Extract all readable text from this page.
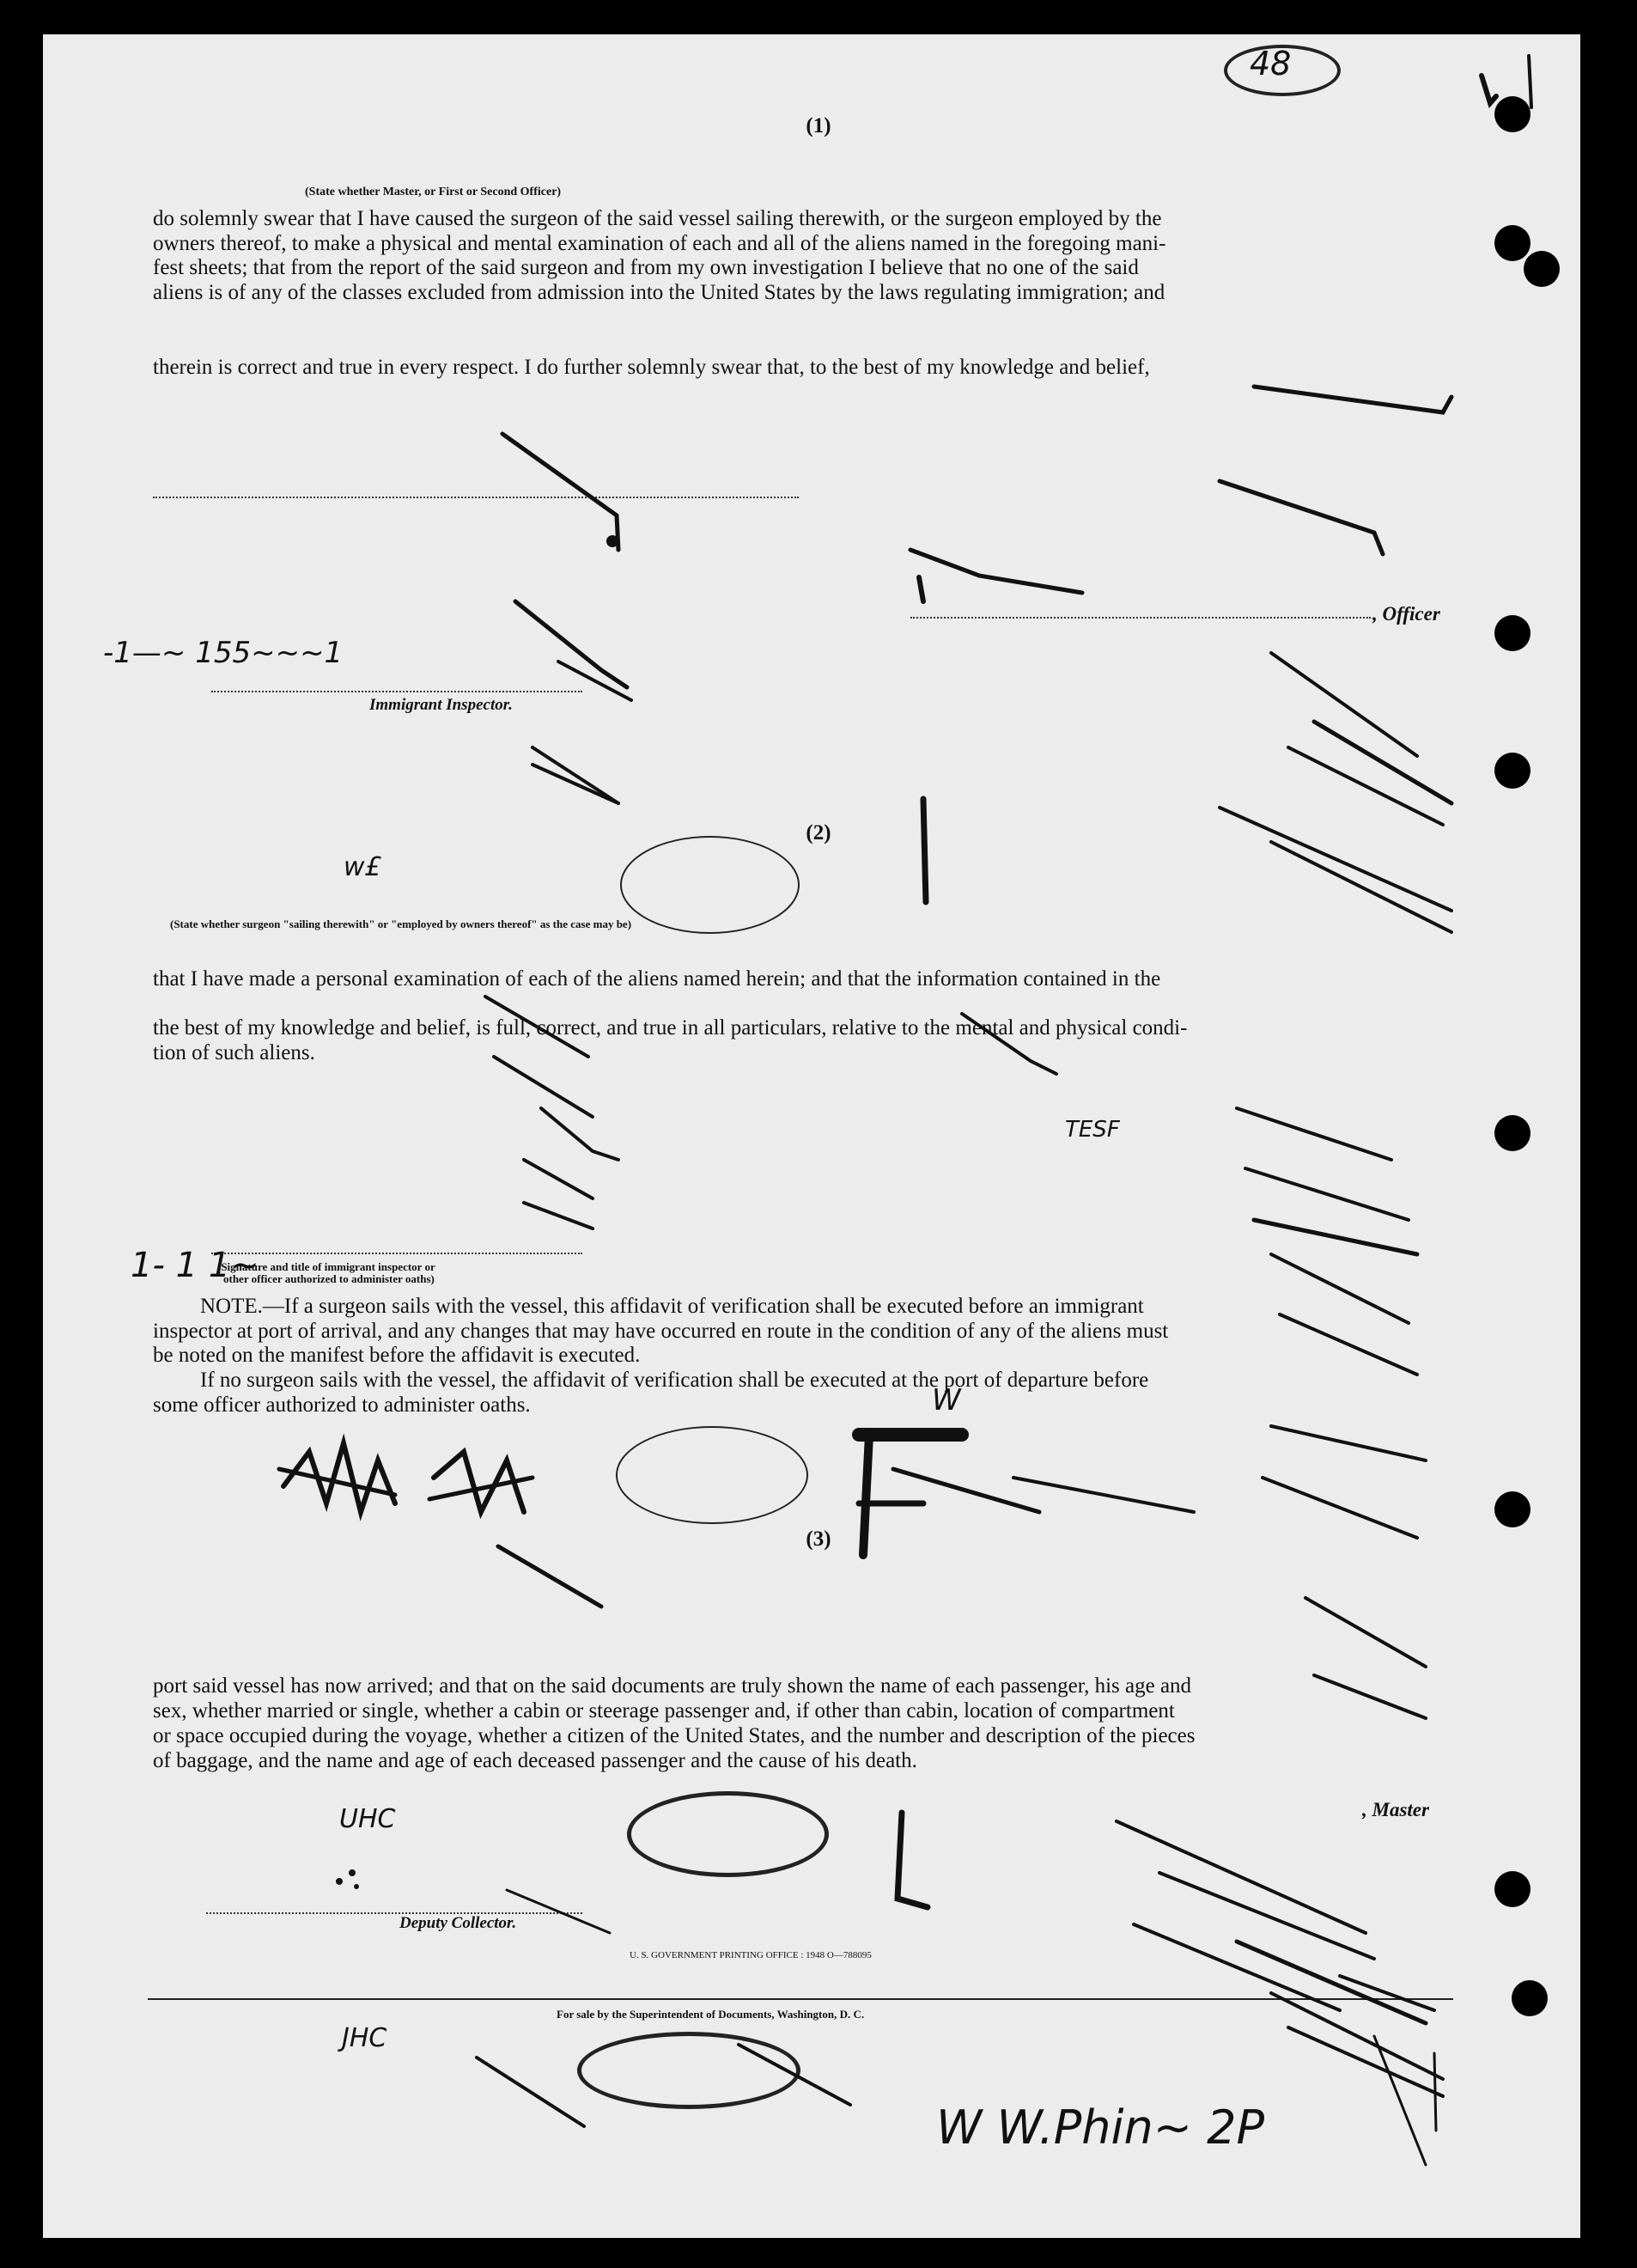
48
(1)
(State whether Master, or First or Second Officer)
do solemnly swear that I have caused the surgeon of the said vessel sailing therewith, or the surgeon employed by the
owners thereof, to make a physical and mental examination of each and all of the aliens named in the foregoing mani-
fest sheets; that from the report of the said surgeon and from my own investigation I believe that no one of the said
aliens is of any of the classes excluded from admission into the United States by the laws regulating immigration; and
therein is correct and true in every respect. I do further solemnly swear that, to the best of my knowledge and belief,
, Officer
Immigrant Inspector.
(2)
(State whether surgeon "sailing therewith" or "employed by owners thereof" as the case may be)
that I have made a personal examination of each of the aliens named herein; and that the information contained in the
the best of my knowledge and belief, is full, correct, and true in all particulars, relative to the mental and physical condi-
tion of such aliens.
(Signature and title of immigrant inspector or
other officer authorized to administer oaths)
NOTE.—If a surgeon sails with the vessel, this affidavit of verification shall be executed before an immigrant
inspector at port of arrival, and any changes that may have occurred en route in the condition of any of the aliens must
be noted on the manifest before the affidavit is executed.
If no surgeon sails with the vessel, the affidavit of verification shall be executed at the port of departure before
some officer authorized to administer oaths.
(3)
port said vessel has now arrived; and that on the said documents are truly shown the name of each passenger, his age and
sex, whether married or single, whether a cabin or steerage passenger and, if other than cabin, location of compartment
or space occupied during the voyage, whether a citizen of the United States, and the number and description of the pieces
of baggage, and the name and age of each deceased passenger and the cause of his death.
, Master
Deputy Collector.
U. S. GOVERNMENT PRINTING OFFICE : 1948 O—788095
For sale by the Superintendent of Documents, Washington, D. C.
-1—~ 155~~~1
w£
1- 1 1~
TESF
W
UHC
JHC
W W.Phin~ 2P
